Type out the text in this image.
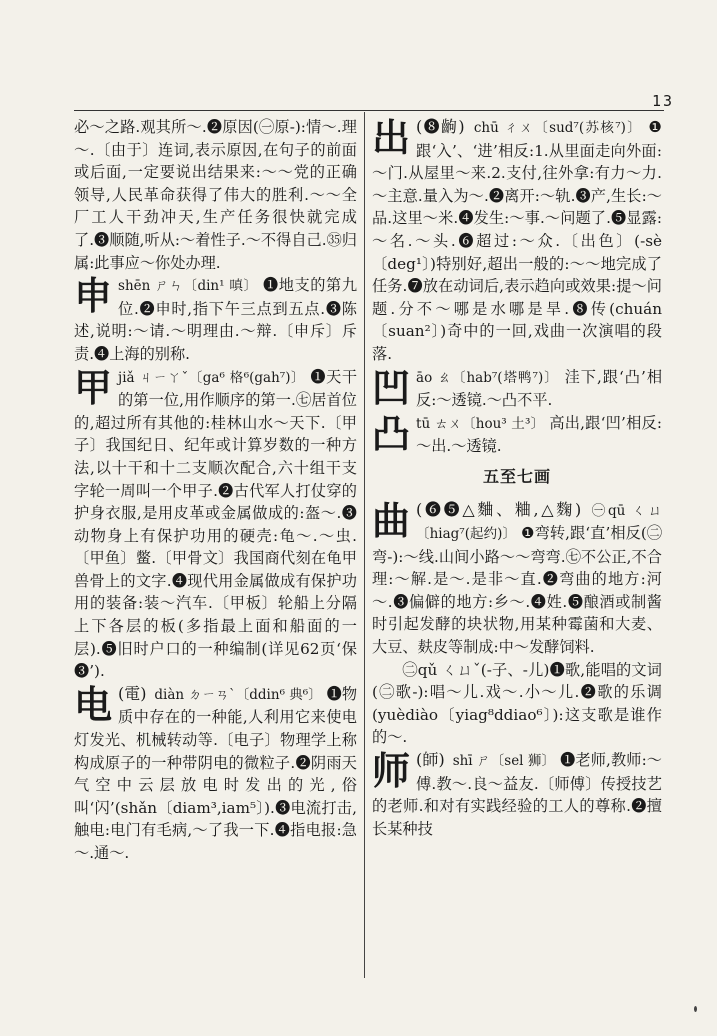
13
必～之路.观其所～.❷原因(㊀原-):情～.理～.〔由于〕连词,表示原因,在句子的前面或后面,一定要说出结果来:～～党的正确领导,人民革命获得了伟大的胜利.～～全厂工人干劲冲天,生产任务很快就完成了.❸顺随,听从:～着性子.～不得自己.㉟归属:此事应～你处办理.
申 shēn ㄕㄣ〔din¹ 嗔〕 ❶地支的第九位.❷申时,指下午三点到五点.❸陈述,说明:～请.～明理由.～辩.〔申斥〕斥责.❹上海的别称.
甲 jiǎ ㄐㄧㄚˇ〔ga⁶ 格⁶(gah⁷)〕 ❶天干的第一位,用作顺序的第一.㊆居首位的,超过所有其他的:桂林山水～天下.〔甲子〕我国纪日、纪年或计算岁数的一种方法,以十干和十二支顺次配合,六十组干支字轮一周叫一个甲子.❷古代军人打仗穿的护身衣服,是用皮革或金属做成的:盔～.❸动物身上有保护功用的硬壳:龟～.～虫.〔甲鱼〕鳖.〔甲骨文〕我国商代刻在龟甲兽骨上的文字.❹现代用金属做成有保护功用的装备:装～汽车.〔甲板〕轮船上分隔上下各层的板(多指最上面和船面的一层).❺旧时户口的一种编制(详见62页‘保❸’).
电 (電) diàn ㄉㄧㄢˋ〔ddin⁶ 典⁶〕 ❶物质中存在的一种能,人利用它来使电灯发光、机械转动等.〔电子〕物理学上称构成原子的一种带阴电的微粒子.❷阴雨天气空中云层放电时发出的光,俗叫‘闪’(shǎn〔diam³,iam⁵〕).❸电流打击,触电:电门有毛病,～了我一下.❹指电报:急～.通～.
出 (❽齣) chū ㄔㄨ〔sud⁷(苏核⁷)〕 ❶跟‘入’、‘进’相反:1.从里面走向外面:～门.从屋里～来.2.支付,往外拿:有力～力.～主意.量入为～.❷离开:～轨.❸产,生长:～品.这里～米.❹发生:～事.～问题了.❺显露:～名.～头.❻超过:～众.〔出色〕(-sè〔deg¹〕)特别好,超出一般的:～～地完成了任务.❼放在动词后,表示趋向或效果:提～问题.分不～哪是水哪是旱.❽传(chuán〔suan²〕)奇中的一回,戏曲一次演唱的段落.
凹 āo ㄠ〔hab⁷(塔鸭⁷)〕 洼下,跟‘凸’相反:～透镜.～凸不平.
凸 tū ㄊㄨ〔hou³ 土³〕 高出,跟‘凹’相反:～出.～透镜.
五至七画
曲 (❻❺△麯、粬,△麴) ㊀qū ㄑㄩ〔hiag⁷(起约)〕 ❶弯转,跟‘直’相反(㊁弯-):～线.山间小路～～弯弯.㊆不公正,不合理:～解.是～.是非～直.❷弯曲的地方:河～.❸偏僻的地方:乡～.❹姓.❺酿酒或制酱时引起发酵的块状物,用某种霉菌和大麦、大豆、麸皮等制成:中～发酵饲料.
㊁qǔ ㄑㄩˇ(-子、-儿)❶歌,能唱的文词(㊁歌-):唱～儿.戏～.小～儿.❷歌的乐调(yuèdiào〔yiag⁸ddiao⁶〕):这支歌是谁作的～.
师 (師) shī ㄕ〔sel 狮〕 ❶老师,教师:～傅.教～.良～益友.〔师傅〕传授技艺的老师.和对有实践经验的工人的尊称.❷擅长某种技
